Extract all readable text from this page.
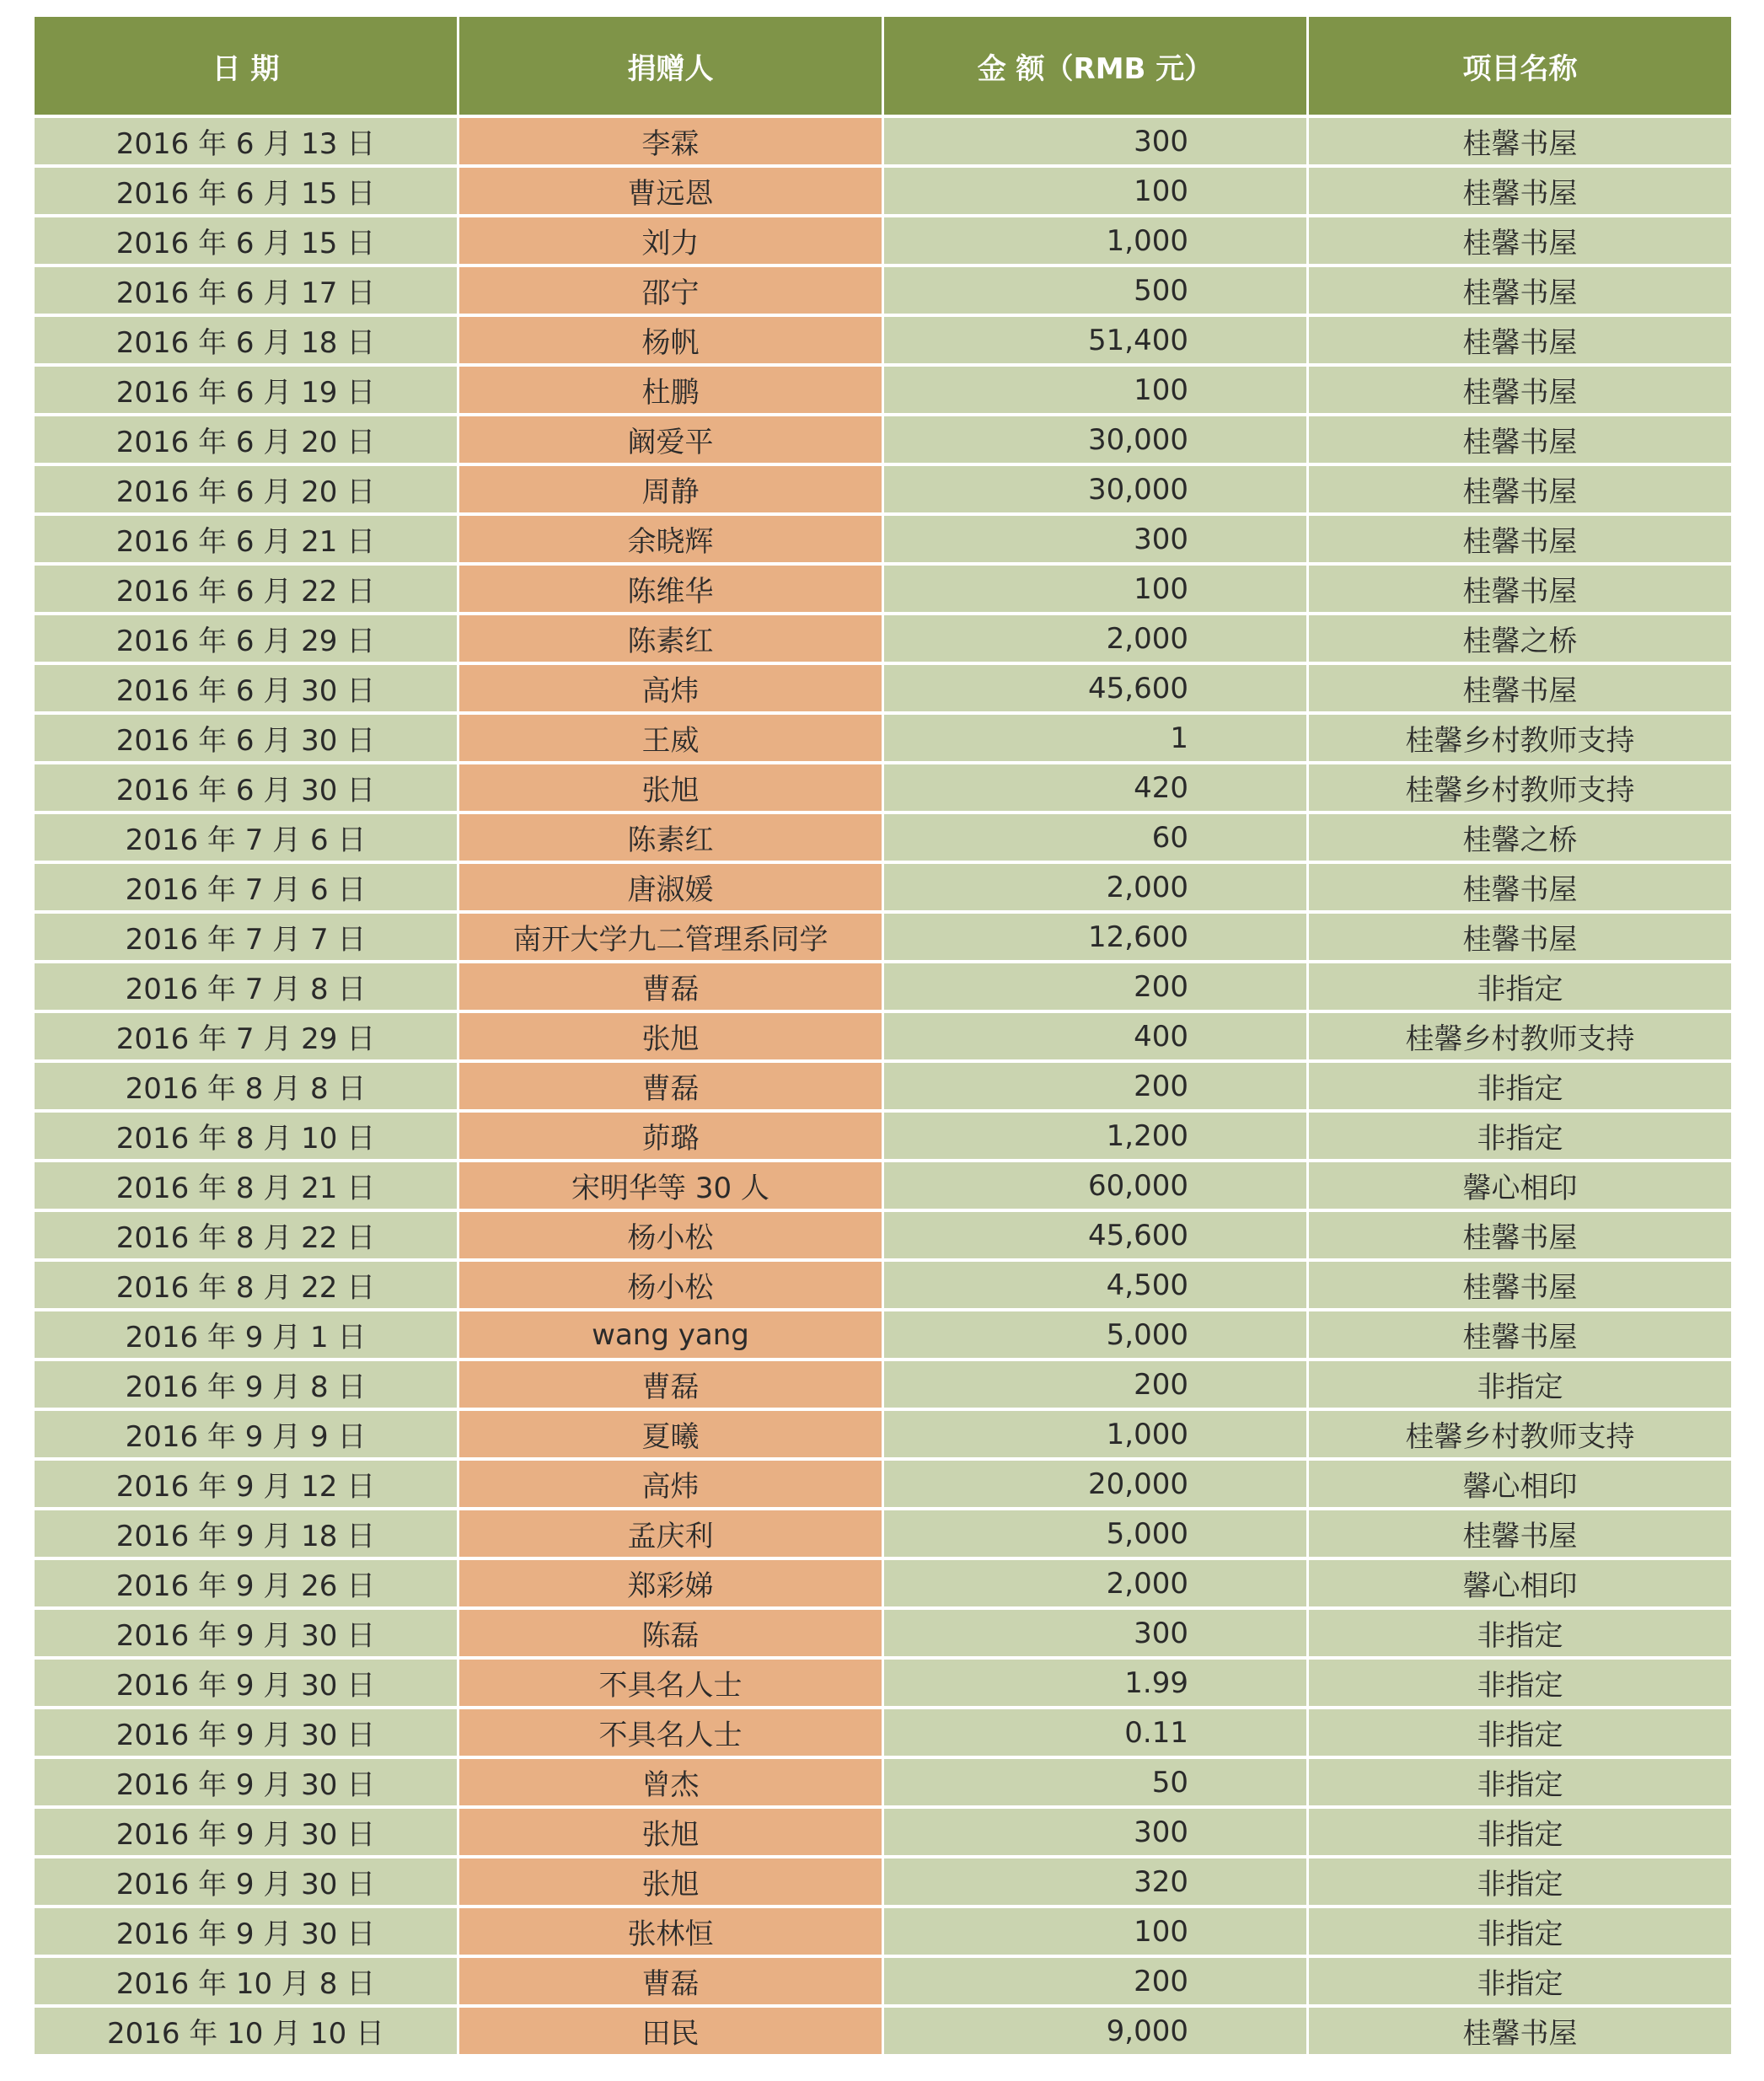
日 期	捐赠人	金 额（RMB 元）	项目名称
2016 年 6 月 13 日	李霖	300	桂馨书屋
2016 年 6 月 15 日	曹远恩	100	桂馨书屋
2016 年 6 月 15 日	刘力	1,000	桂馨书屋
2016 年 6 月 17 日	邵宁	500	桂馨书屋
2016 年 6 月 18 日	杨帆	51,400	桂馨书屋
2016 年 6 月 19 日	杜鹏	100	桂馨书屋
2016 年 6 月 20 日	阚爱平	30,000	桂馨书屋
2016 年 6 月 20 日	周静	30,000	桂馨书屋
2016 年 6 月 21 日	余晓辉	300	桂馨书屋
2016 年 6 月 22 日	陈维华	100	桂馨书屋
2016 年 6 月 29 日	陈素红	2,000	桂馨之桥
2016 年 6 月 30 日	高炜	45,600	桂馨书屋
2016 年 6 月 30 日	王威	1	桂馨乡村教师支持
2016 年 6 月 30 日	张旭	420	桂馨乡村教师支持
2016 年 7 月 6 日	陈素红	60	桂馨之桥
2016 年 7 月 6 日	唐淑媛	2,000	桂馨书屋
2016 年 7 月 7 日	南开大学九二管理系同学	12,600	桂馨书屋
2016 年 7 月 8 日	曹磊	200	非指定
2016 年 7 月 29 日	张旭	400	桂馨乡村教师支持
2016 年 8 月 8 日	曹磊	200	非指定
2016 年 8 月 10 日	茆璐	1,200	非指定
2016 年 8 月 21 日	宋明华等 30 人	60,000	馨心相印
2016 年 8 月 22 日	杨小松	45,600	桂馨书屋
2016 年 8 月 22 日	杨小松	4,500	桂馨书屋
2016 年 9 月 1 日	wang yang	5,000	桂馨书屋
2016 年 9 月 8 日	曹磊	200	非指定
2016 年 9 月 9 日	夏曦	1,000	桂馨乡村教师支持
2016 年 9 月 12 日	高炜	20,000	馨心相印
2016 年 9 月 18 日	孟庆利	5,000	桂馨书屋
2016 年 9 月 26 日	郑彩娣	2,000	馨心相印
2016 年 9 月 30 日	陈磊	300	非指定
2016 年 9 月 30 日	不具名人士	1.99	非指定
2016 年 9 月 30 日	不具名人士	0.11	非指定
2016 年 9 月 30 日	曾杰	50	非指定
2016 年 9 月 30 日	张旭	300	非指定
2016 年 9 月 30 日	张旭	320	非指定
2016 年 9 月 30 日	张林恒	100	非指定
2016 年 10 月 8 日	曹磊	200	非指定
2016 年 10 月 10 日	田民	9,000	桂馨书屋
